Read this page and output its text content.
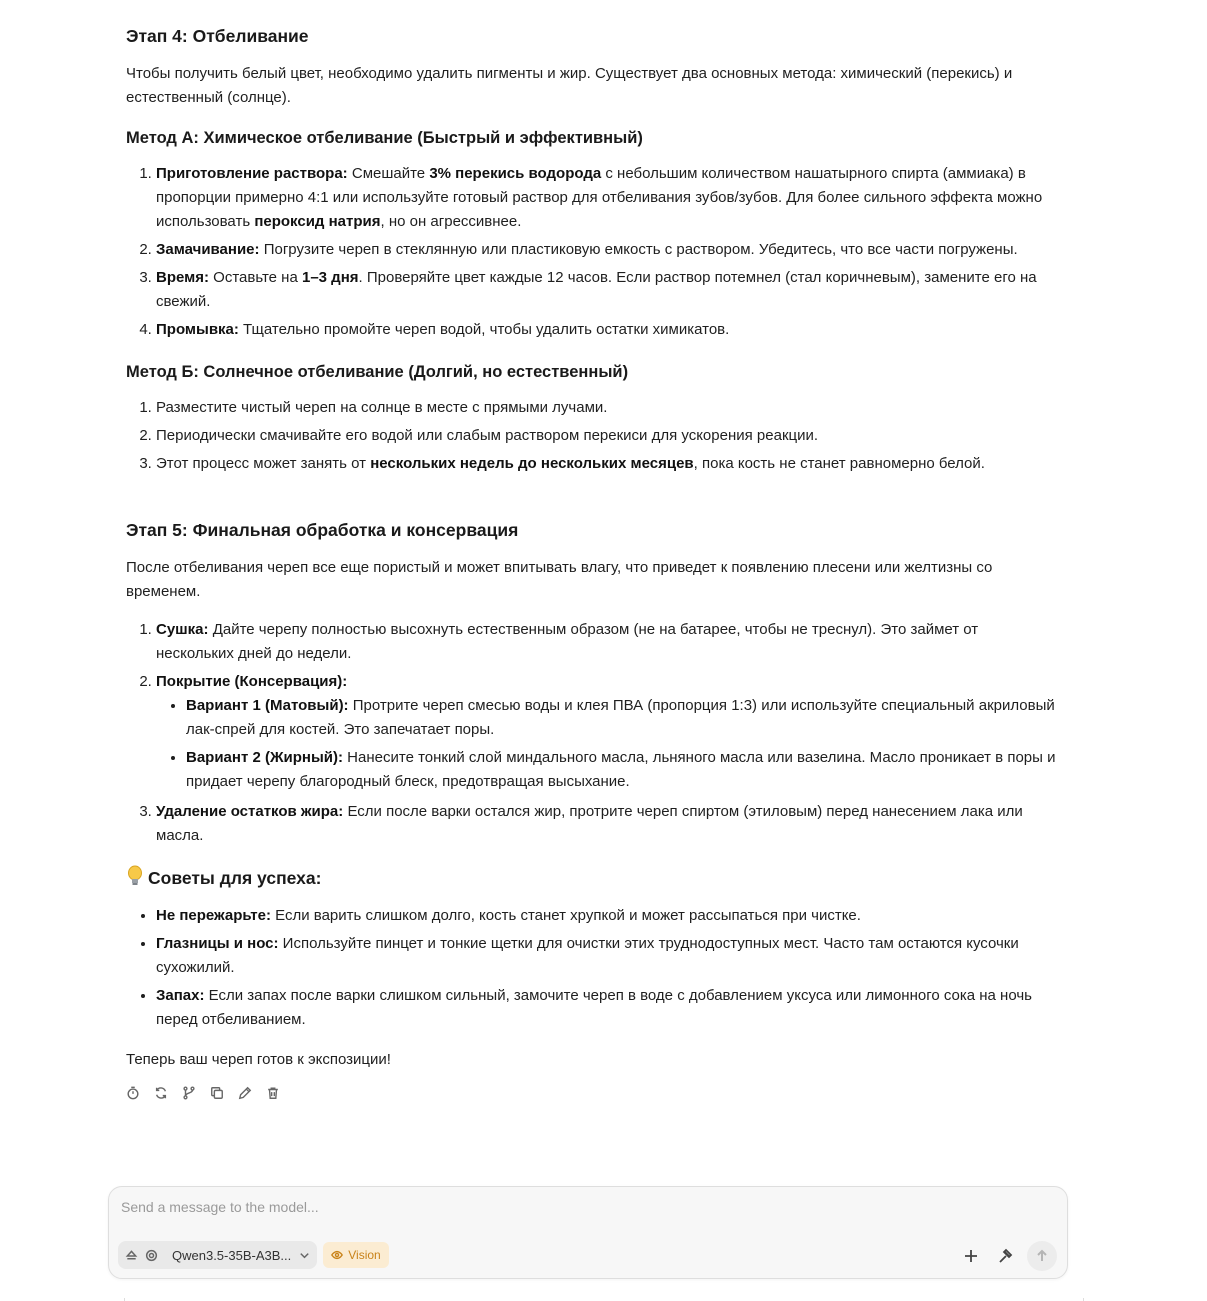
Этап 4: Отбеливание

Чтобы получить белый цвет, необходимо удалить пигменты и жир. Существует два основных метода: химический (перекись) и естественный (солнце).

Метод А: Химическое отбеливание (Быстрый и эффективный)
1. Приготовление раствора: Смешайте 3% перекись водорода с небольшим количеством нашатырного спирта (аммиака) в пропорции примерно 4:1 или используйте готовый раствор для отбеливания зубов/зубов. Для более сильного эффекта можно использовать пероксид натрия, но он агрессивнее.
2. Замачивание: Погрузите череп в стеклянную или пластиковую емкость с раствором. Убедитесь, что все части погружены.
3. Время: Оставьте на 1–3 дня. Проверяйте цвет каждые 12 часов. Если раствор потемнел (стал коричневым), замените его на свежий.
4. Промывка: Тщательно промойте череп водой, чтобы удалить остатки химикатов.
Метод Б: Солнечное отбеливание (Долгий, но естественный)
1. Разместите чистый череп на солнце в месте с прямыми лучами.
2. Периодически смачивайте его водой или слабым раствором перекиси для ускорения реакции.
3. Этот процесс может занять от нескольких недель до нескольких месяцев, пока кость не станет равномерно белой.
Этап 5: Финальная обработка и консервация

После отбеливания череп все еще пористый и может впитывать влагу, что приведет к появлению плесени или желтизны со временем.

1. Сушка: Дайте черепу полностью высохнуть естественным образом (не на батарее, чтобы не треснул). Это займет от нескольких дней до недели.
2. Покрытие (Консервация):
• Вариант 1 (Матовый): Протрите череп смесью воды и клея ПВА (пропорция 1:3) или используйте специальный акриловый лак-спрей для костей. Это запечатает поры.
• Вариант 2 (Жирный): Нанесите тонкий слой миндального масла, льняного масла или вазелина. Масло проникает в поры и придает черепу благородный блеск, предотвращая высыхание.
3. Удаление остатков жира: Если после варки остался жир, протрите череп спиртом (этиловым) перед нанесением лака или масла.
Советы для успеха:
• Не пережарьте: Если варить слишком долго, кость станет хрупкой и может рассыпаться при чистке.
• Глазницы и нос: Используйте пинцет и тонкие щетки для очистки этих труднодоступных мест. Часто там остаются кусочки сухожилий.
• Запах: Если запах после варки слишком сильный, замочите череп в воде с добавлением уксуса или лимонного сока на ночь перед отбеливанием.

Теперь ваш череп готов к экспозиции!

Send a message to the model...
Qwen3.5-35B-A3B...	Vision
